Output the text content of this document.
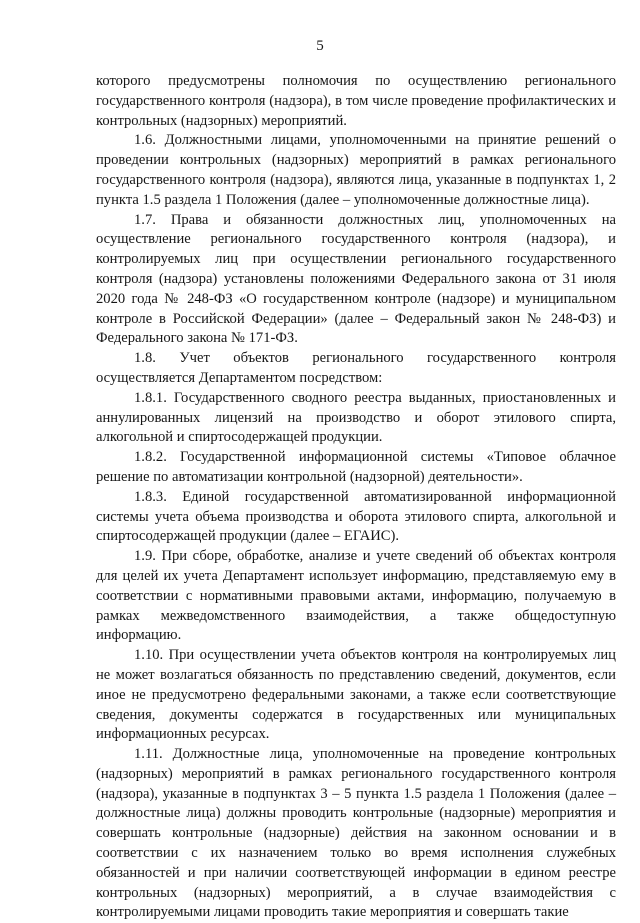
5

которого предусмотрены полномочия по осуществлению регионального государственного контроля (надзора), в том числе проведение профилактических и контрольных (надзорных) мероприятий.

1.6. Должностными лицами, уполномоченными на принятие решений о проведении контрольных (надзорных) мероприятий в рамках регионального государственного контроля (надзора), являются лица, указанные в подпунктах 1, 2 пункта 1.5 раздела 1 Положения (далее – уполномоченные должностные лица).

1.7. Права и обязанности должностных лиц, уполномоченных на осуществление регионального государственного контроля (надзора), и контролируемых лиц при осуществлении регионального государственного контроля (надзора) установлены положениями Федерального закона от 31 июля 2020 года № 248-ФЗ «О государственном контроле (надзоре) и муниципальном контроле в Российской Федерации» (далее – Федеральный закон № 248-ФЗ) и Федерального закона № 171-ФЗ.

1.8. Учет объектов регионального государственного контроля осуществляется Департаментом посредством:

1.8.1. Государственного сводного реестра выданных, приостановленных и аннулированных лицензий на производство и оборот этилового спирта, алкогольной и спиртосодержащей продукции.

1.8.2. Государственной информационной системы «Типовое облачное решение по автоматизации контрольной (надзорной) деятельности».

1.8.3. Единой государственной автоматизированной информационной системы учета объема производства и оборота этилового спирта, алкогольной и спиртосодержащей продукции (далее – ЕГАИС).

1.9. При сборе, обработке, анализе и учете сведений об объектах контроля для целей их учета Департамент использует информацию, представляемую ему в соответствии с нормативными правовыми актами, информацию, получаемую в рамках межведомственного взаимодействия, а также общедоступную информацию.

1.10. При осуществлении учета объектов контроля на контролируемых лиц не может возлагаться обязанность по представлению сведений, документов, если иное не предусмотрено федеральными законами, а также если соответствующие сведения, документы содержатся в государственных или муниципальных информационных ресурсах.

1.11. Должностные лица, уполномоченные на проведение контрольных (надзорных) мероприятий в рамках регионального государственного контроля (надзора), указанные в подпунктах 3 – 5 пункта 1.5 раздела 1 Положения (далее – должностные лица) должны проводить контрольные (надзорные) мероприятия и совершать контрольные (надзорные) действия на законном основании и в соответствии с их назначением только во время исполнения служебных обязанностей и при наличии соответствующей информации в едином реестре контрольных (надзорных) мероприятий, а в случае взаимодействия с контролируемыми лицами проводить такие мероприятия и совершать такие
